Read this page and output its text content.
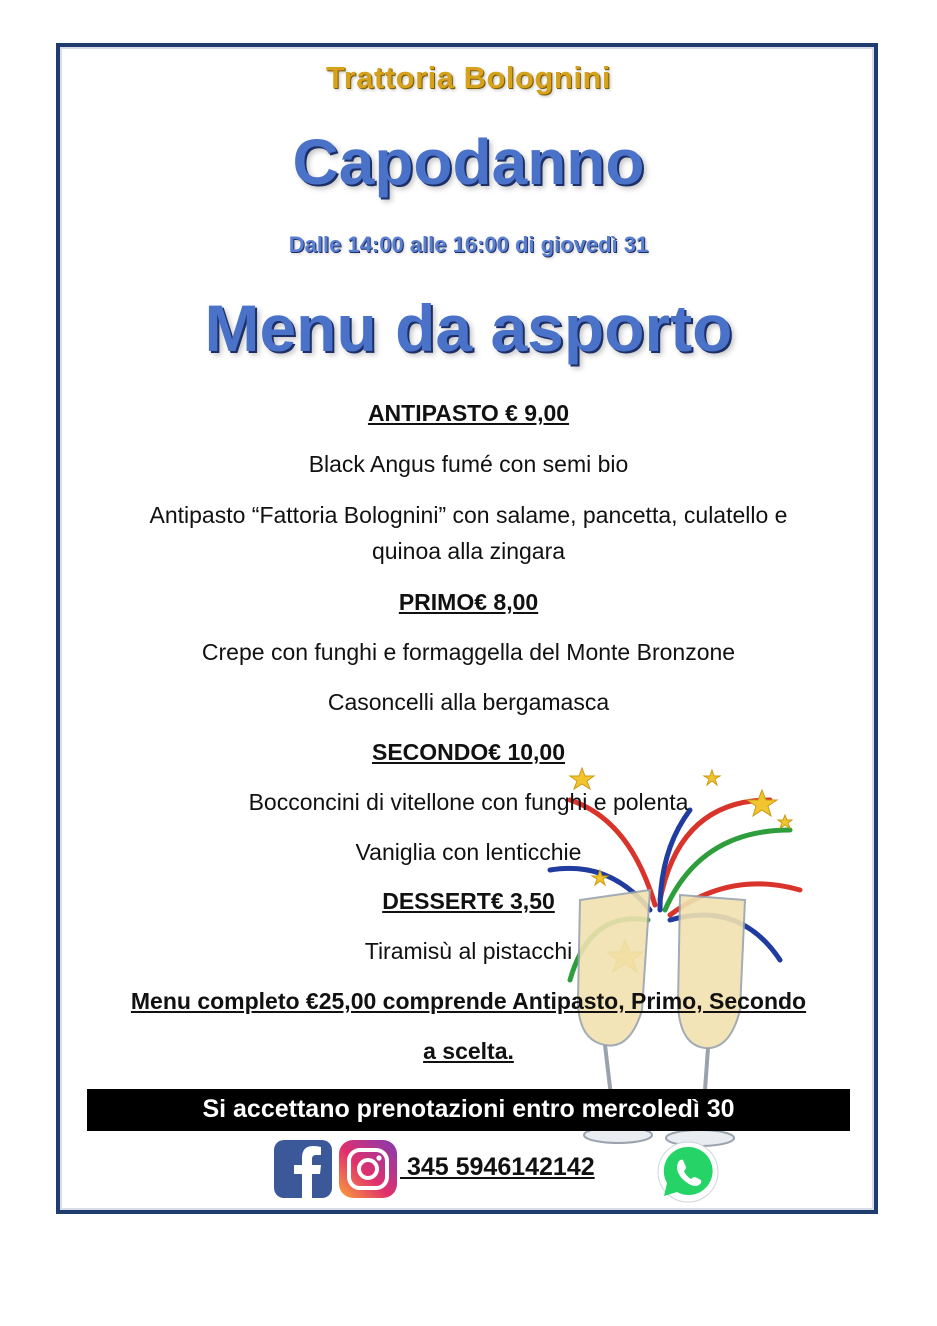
Trattoria Bolognini
Capodanno
Dalle 14:00 alle 16:00 di giovedì 31
Menu da asporto
ANTIPASTO € 9,00
Black Angus fumé con semi bio
Antipasto “Fattoria Bolognini” con salame, pancetta, culatello e
quinoa alla zingara
PRIMO€ 8,00
Crepe con funghi e formaggella del Monte Bronzone
Casoncelli alla bergamasca
SECONDO€ 10,00
Bocconcini di vitellone con funghi e polenta
Vaniglia con lenticchie
DESSERT€ 3,50
Tiramisù al pistacchi
Menu completo €25,00 comprende Antipasto, Primo, Secondo
a scelta.
Si accettano prenotazioni entro mercoledì 30
345 5946142142
